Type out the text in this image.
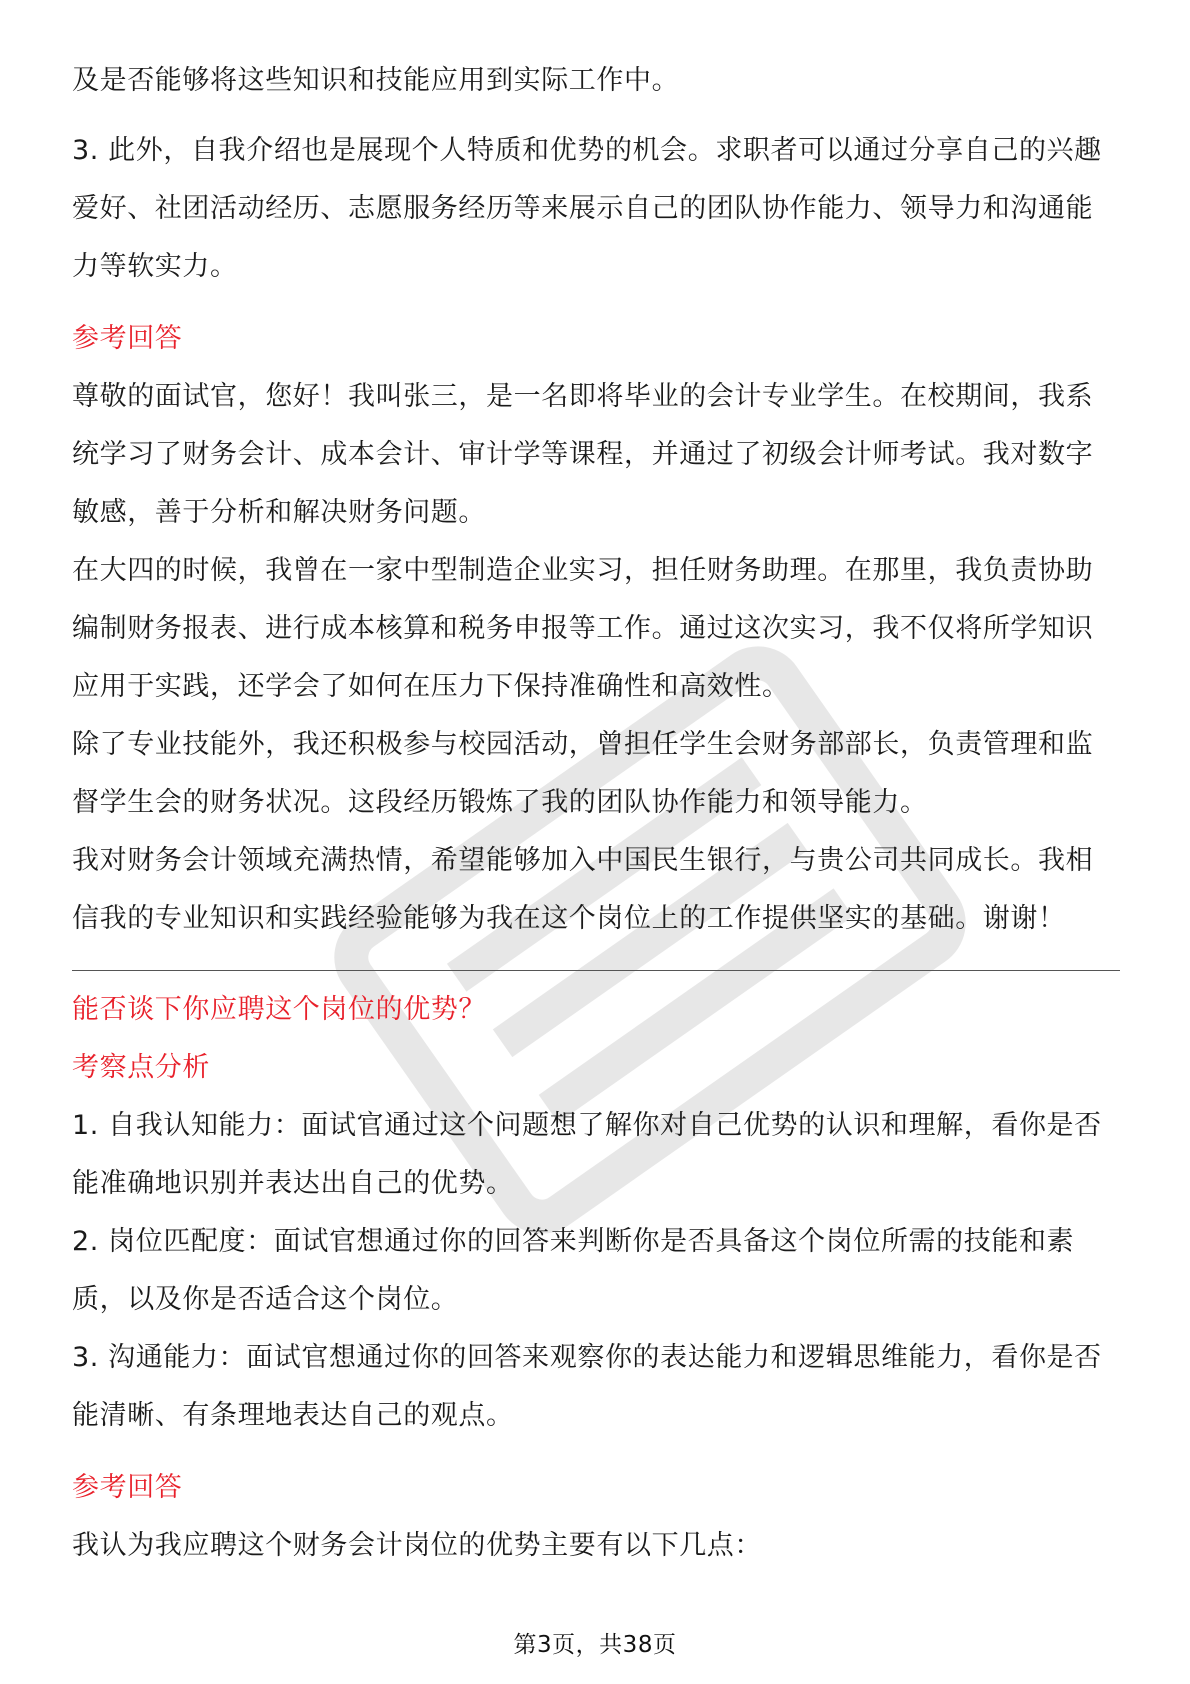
及是否能够将这些知识和技能应用到实际工作中。

3. 此外，自我介绍也是展现个人特质和优势的机会。求职者可以通过分享自己的兴趣爱好、社团活动经历、志愿服务经历等来展示自己的团队协作能力、领导力和沟通能力等软实力。

参考回答

尊敬的面试官，您好！我叫张三，是一名即将毕业的会计专业学生。在校期间，我系统学习了财务会计、成本会计、审计学等课程，并通过了初级会计师考试。我对数字敏感，善于分析和解决财务问题。

在大四的时候，我曾在一家中型制造企业实习，担任财务助理。在那里，我负责协助编制财务报表、进行成本核算和税务申报等工作。通过这次实习，我不仅将所学知识应用于实践，还学会了如何在压力下保持准确性和高效性。

除了专业技能外，我还积极参与校园活动，曾担任学生会财务部部长，负责管理和监督学生会的财务状况。这段经历锻炼了我的团队协作能力和领导能力。

我对财务会计领域充满热情，希望能够加入中国民生银行，与贵公司共同成长。我相信我的专业知识和实践经验能够为我在这个岗位上的工作提供坚实的基础。谢谢！

能否谈下你应聘这个岗位的优势？

考察点分析

1. 自我认知能力：面试官通过这个问题想了解你对自己优势的认识和理解，看你是否能准确地识别并表达出自己的优势。

2. 岗位匹配度：面试官想通过你的回答来判断你是否具备这个岗位所需的技能和素质，以及你是否适合这个岗位。

3. 沟通能力：面试官想通过你的回答来观察你的表达能力和逻辑思维能力，看你是否能清晰、有条理地表达自己的观点。

参考回答

我认为我应聘这个财务会计岗位的优势主要有以下几点：

第3页，共38页
